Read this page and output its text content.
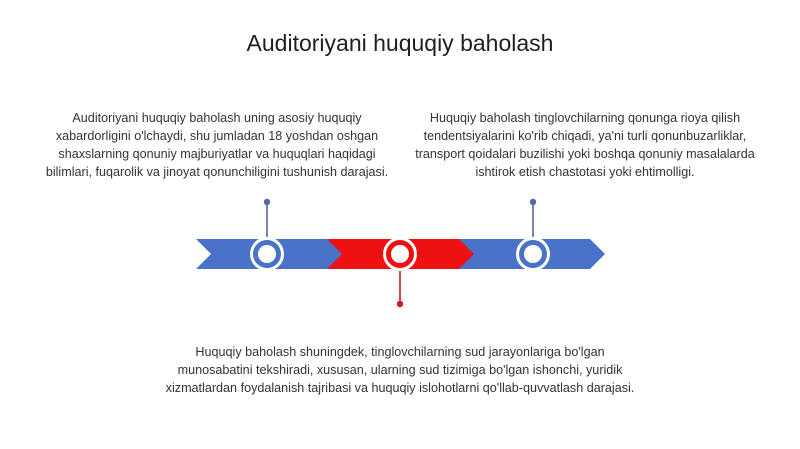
Auditoriyani huquqiy baholash
Auditoriyani huquqiy baholash uning asosiy huquqiy xabardorligini o'lchaydi, shu jumladan 18 yoshdan oshgan shaxslarning qonuniy majburiyatlar va huquqlari haqidagi bilimlari, fuqarolik va jinoyat qonunchiligini tushunish darajasi.
Huquqiy baholash tinglovchilarning qonunga rioya qilish tendentsiyalarini ko'rib chiqadi, ya'ni turli qonunbuzarliklar, transport qoidalari buzilishi yoki boshqa qonuniy masalalarda ishtirok etish chastotasi yoki ehtimolligi.
Huquqiy baholash shuningdek, tinglovchilarning sud jarayonlariga bo'lgan munosabatini tekshiradi, xususan, ularning sud tizimiga bo'lgan ishonchi, yuridik xizmatlardan foydalanish tajribasi va huquqiy islohotlarni qo'llab-quvvatlash darajasi.
